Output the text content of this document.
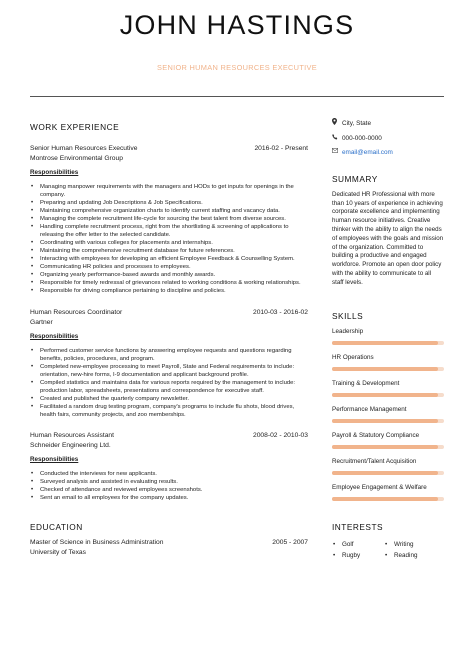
JOHN HASTINGS
SENIOR HUMAN RESOURCES EXECUTIVE
WORK EXPERIENCE
Senior Human Resources Executive	2016-02 - Present
Montrose Environmental Group
Responsibilities
• Managing manpower requirements with the managers and HODs to get inputs for openings in the company.
• Preparing and updating Job Descriptions & Job Specifications.
• Maintaining comprehensive organization charts to identify current staffing and vacancy data.
• Managing the complete recruitment life-cycle for sourcing the best talent from diverse sources.
• Handling complete recruitment process, right from the shortlisting & screening of applications to releasing the offer letter to the selected candidate.
• Coordinating with various colleges for placements and internships.
• Maintaining the comprehensive recruitment database for future references.
• Interacting with employees for developing an efficient Employee Feedback & Counselling System.
• Communicating HR policies and processes to employees.
• Organizing yearly performance-based awards and monthly awards.
• Responsible for timely redressal of grievances related to working conditions & working relationships.
• Responsible for driving compliance pertaining to discipline and policies.
Human Resources Coordinator	2010-03 - 2016-02
Gartner
Responsibilities
• Performed customer service functions by answering employee requests and questions regarding benefits, policies, procedures, and program.
• Completed new-employee processing to meet Payroll, State and Federal requirements to include: orientation, new-hire forms, I-9 documentation and applicant background profile.
• Compiled statistics and maintains data for various reports required by the management to include: production labor, spreadsheets, presentations and correspondence for executive staff.
• Created and published the quarterly company newsletter.
• Facilitated a random drug testing program, company's programs to include flu shots, blood drives, health fairs, community projects, and zoo memberships.
Human Resources Assistant	2008-02 - 2010-03
Schneider Engineering Ltd.
Responsibilities
• Conducted the interviews for new applicants.
• Surveyed analysis and assisted in evaluating results.
• Checked of attendance and reviewed employees screenshots.
• Sent an email to all employees for the company updates.
EDUCATION
Master of Science in Business Administration	2005 - 2007
University of Texas
City, State
000-000-0000
email@email.com
SUMMARY
Dedicated HR Professional with more than 10 years of experience in achieving corporate excellence and implementing human resource initiatives. Creative thinker with the ability to align the needs of employees with the goals and mission of the organization. Committed to building a productive and engaged workforce. Promote an open door policy with the ability to communicate to all staff levels.
SKILLS
Leadership
HR Operations
Training & Development
Performance Management
Payroll & Statutory Compliance
Recruitment/Talent Acquisition
Employee Engagement & Welfare
INTERESTS
• Golf	• Writing
• Rugby	• Reading
